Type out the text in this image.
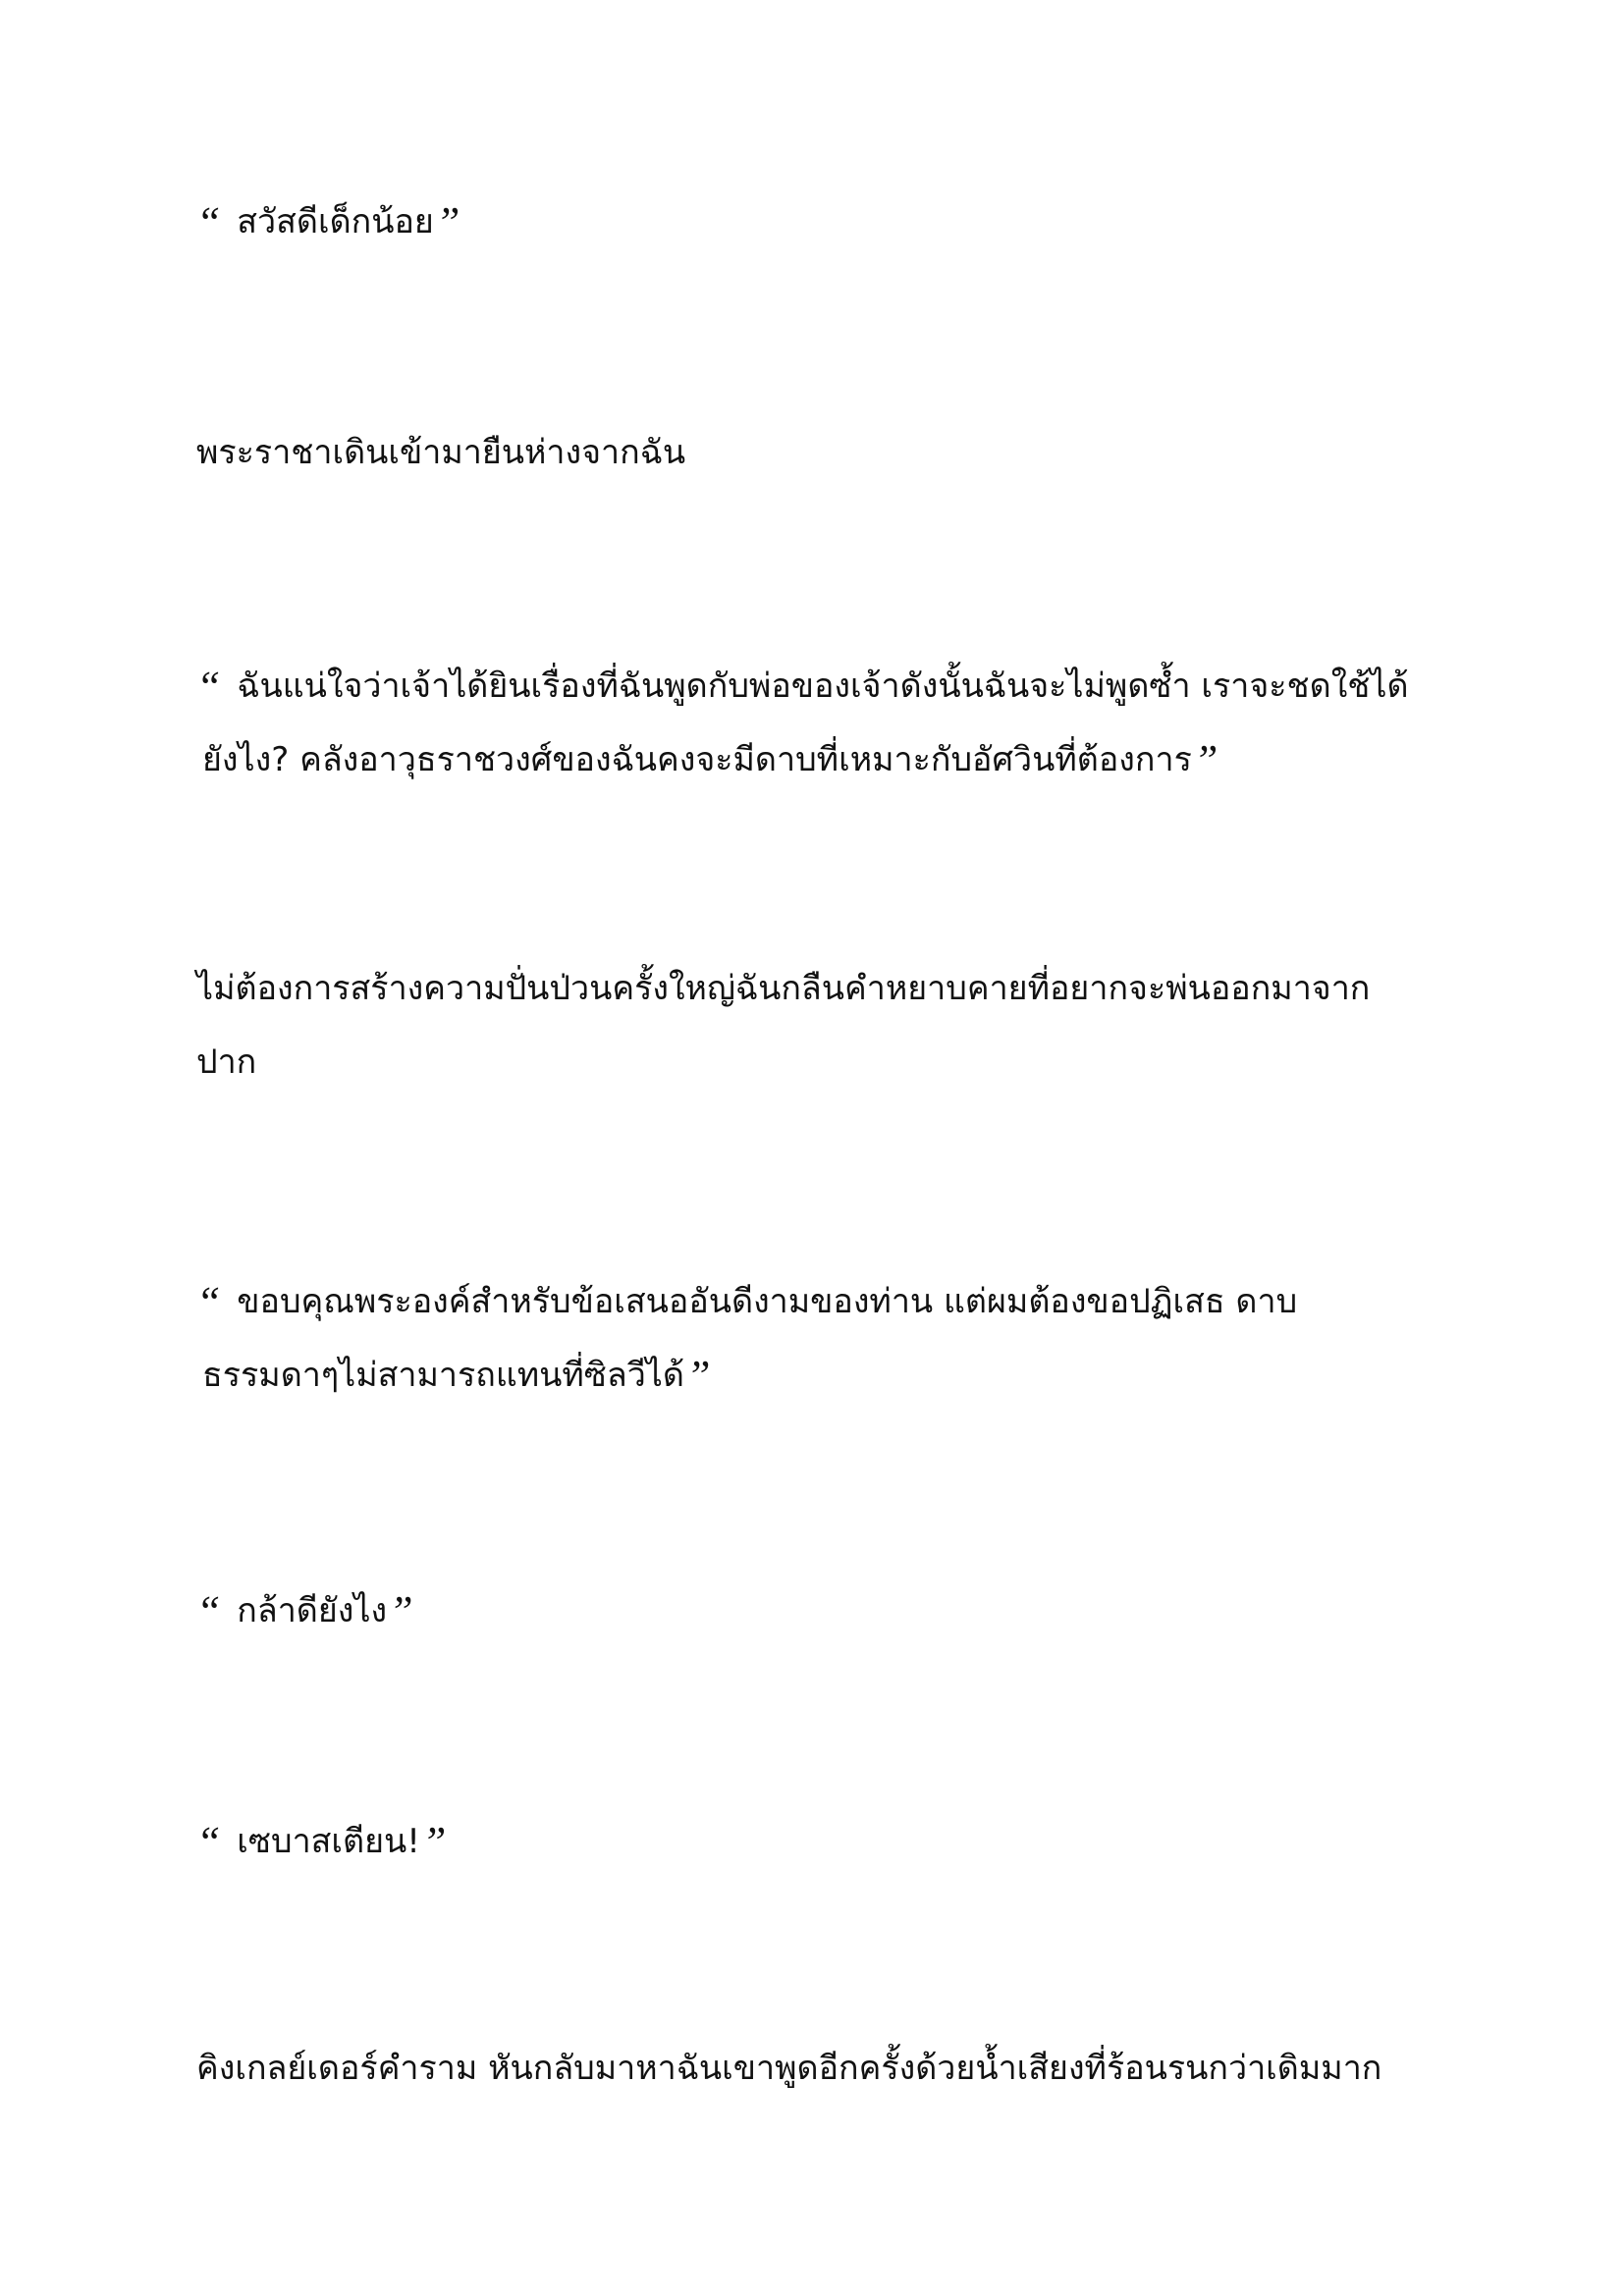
“ สวัสดีเด็กน้อย”

พระราชาเดินเข้ามายืนห่างจากฉัน

“ ฉันแน่ใจว่าเจ้าได้ยินเรื่องที่ฉันพูดกับพ่อของเจ้าดังนั้นฉันจะไม่พูดซ้ำ เราจะชดใช้ได้
ยังไง? คลังอาวุธราชวงศ์ของฉันคงจะมีดาบที่เหมาะกับอัศวินที่ต้องการ”

ไม่ต้องการสร้างความปั่นป่วนครั้งใหญ่ฉันกลืนคำหยาบคายที่อยากจะพ่นออกมาจาก
ปาก

“ ขอบคุณพระองค์สำหรับข้อเสนออันดีงามของท่าน แต่ผมต้องขอปฏิเสธ ดาบ
ธรรมดาๆไม่สามารถแทนที่ซิลวีได้”

“ กล้าดียังไง”

“ เซบาสเตียน!”

คิงเกลย์เดอร์คำราม หันกลับมาหาฉันเขาพูดอีกครั้งด้วยน้ำเสียงที่ร้อนรนกว่าเดิมมาก
